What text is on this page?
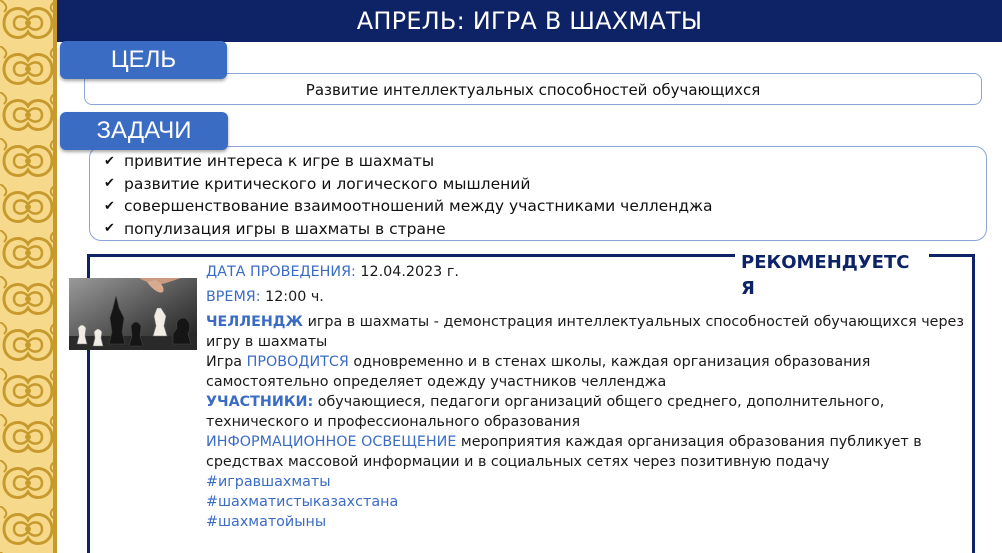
АПРЕЛЬ: ИГРА В ШАХМАТЫ
Развитие интеллектуальных способностей обучающихся
ЦЕЛЬ
✔ привитие интереса к игре в шахматы
✔ развитие критического и логического мышлений
✔ совершенствование взаимоотношений между участниками челленджа
✔ популизация игры в шахматы в стране
ЗАДАЧИ
РЕКОМЕНДУЕТС
Я

ДАТА ПРОВЕДЕНИЯ: 12.04.2023 г.

ВРЕМЯ: 12:00 ч.

ЧЕЛЛЕНДЖ игра в шахматы - демонстрация интеллектуальных способностей обучающихся через игру в шахматы

Игра ПРОВОДИТСЯ одновременно и в стенах школы, каждая организация образования самостоятельно определяет одежду участников челленджа

УЧАСТНИКИ: обучающиеся, педагоги организаций общего среднего, дополнительного, технического и профессионального образования

ИНФОРМАЦИОННОЕ ОСВЕЩЕНИЕ мероприятия каждая организация образования публикует в средствах массовой информации и в социальных сетях через позитивную подачу

#игравшахматы
#шахматистыказахстана
#шахматойыны
